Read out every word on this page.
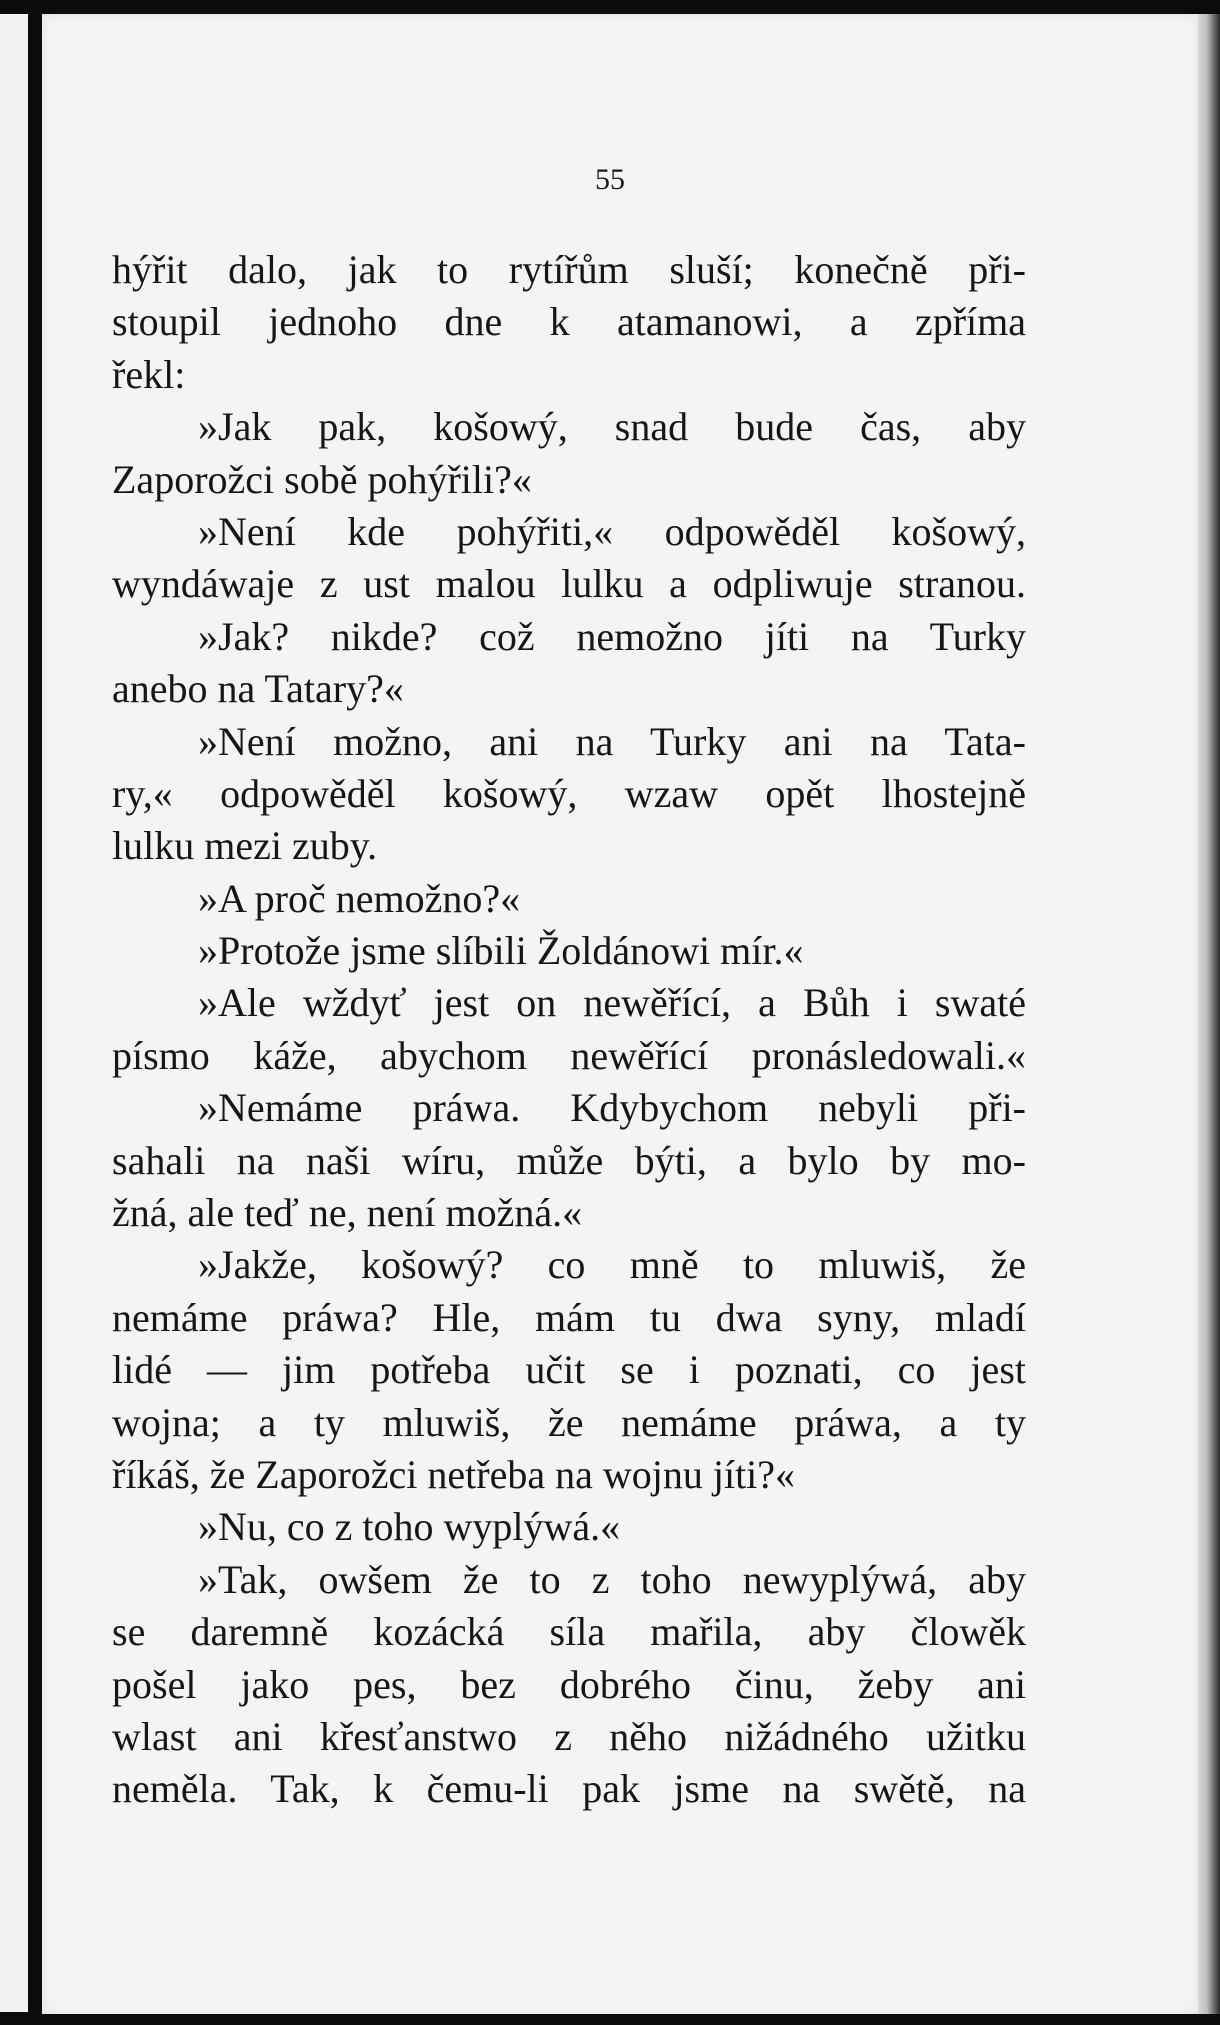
55
hýřit dalo, jak to rytířům sluší; konečně při-
stoupil jednoho dne k atamanowi, a zpříma
řekl:
»Jak pak, košowý, snad bude čas, aby
Zaporožci sobě pohýřili?«
»Není kde pohýřiti,« odpowěděl košowý,
wyndáwaje z ust malou lulku a odpliwuje stranou.
»Jak? nikde? což nemožno jíti na Turky
anebo na Tatary?«
»Není možno, ani na Turky ani na Tata-
ry,« odpowěděl košowý, wzaw opět lhostejně
lulku mezi zuby.
»A proč nemožno?«
»Protože jsme slíbili Žoldánowi mír.«
»Ale wždyť jest on newěřící, a Bůh i swaté
písmo káže, abychom newěřící pronásledowali.«
»Nemáme práwa. Kdybychom nebyli při-
sahali na naši wíru, může býti, a bylo by mo-
žná, ale teď ne, není možná.«
»Jakže, košowý? co mně to mluwiš, že
nemáme práwa? Hle, mám tu dwa syny, mladí
lidé — jim potřeba učit se i poznati, co jest
wojna; a ty mluwiš, že nemáme práwa, a ty
říkáš, že Zaporožci netřeba na wojnu jíti?«
»Nu, co z toho wyplýwá.«
»Tak, owšem že to z toho newyplýwá, aby
se daremně kozácká síla mařila, aby člowěk
pošel jako pes, bez dobrého činu, žeby ani
wlast ani křesťanstwo z něho nižádného užitku
neměla. Tak, k čemu-li pak jsme na swětě, na
